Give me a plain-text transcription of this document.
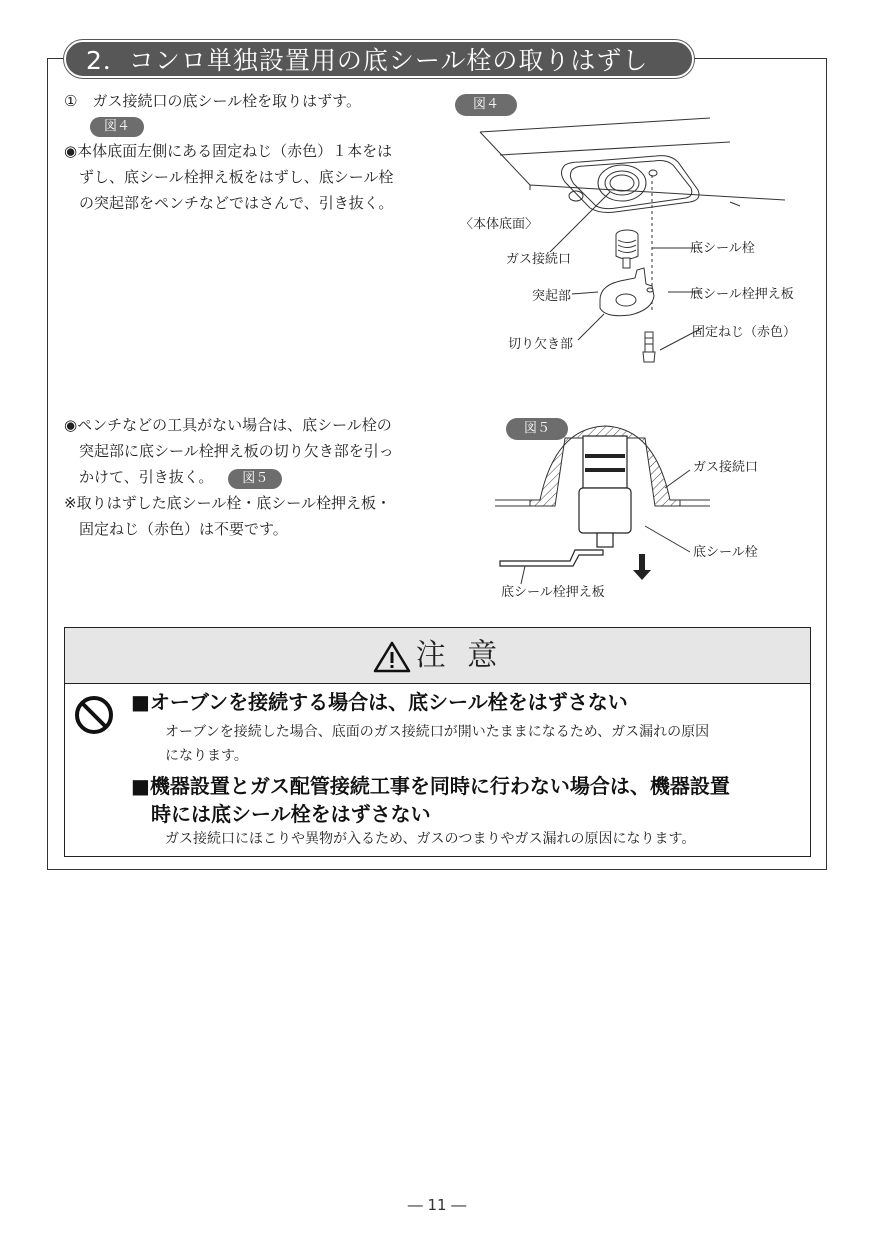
2．コンロ単独設置用の底シール栓の取りはずし
①　ガス接続口の底シール栓を取りはずす。
図４
◉本体底面左側にある固定ねじ（赤色）１本をは
　ずし、底シール栓押え板をはずし、底シール栓
　の突起部をペンチなどではさんで、引き抜く。
◉ペンチなどの工具がない場合は、底シール栓の
　突起部に底シール栓押え板の切り欠き部を引っ
　かけて、引き抜く。 図５
※取りはずした底シール栓・底シール栓押え板・
　固定ねじ（赤色）は不要です。
図４
〈本体底面〉
ガス接続口
底シール栓
突起部	底シール栓押え板
切り欠き部
固定ねじ（赤色）
図５
ガス接続口
底シール栓
底シール栓押え板
注 意
■オーブンを接続する場合は、底シール栓をはずさない
オーブンを接続した場合、底面のガス接続口が開いたままになるため、ガス漏れの原因
になります。
■機器設置とガス配管接続工事を同時に行わない場合は、機器設置
　時には底シール栓をはずさない
ガス接続口にほこりや異物が入るため、ガスのつまりやガス漏れの原因になります。
― 11 ―
